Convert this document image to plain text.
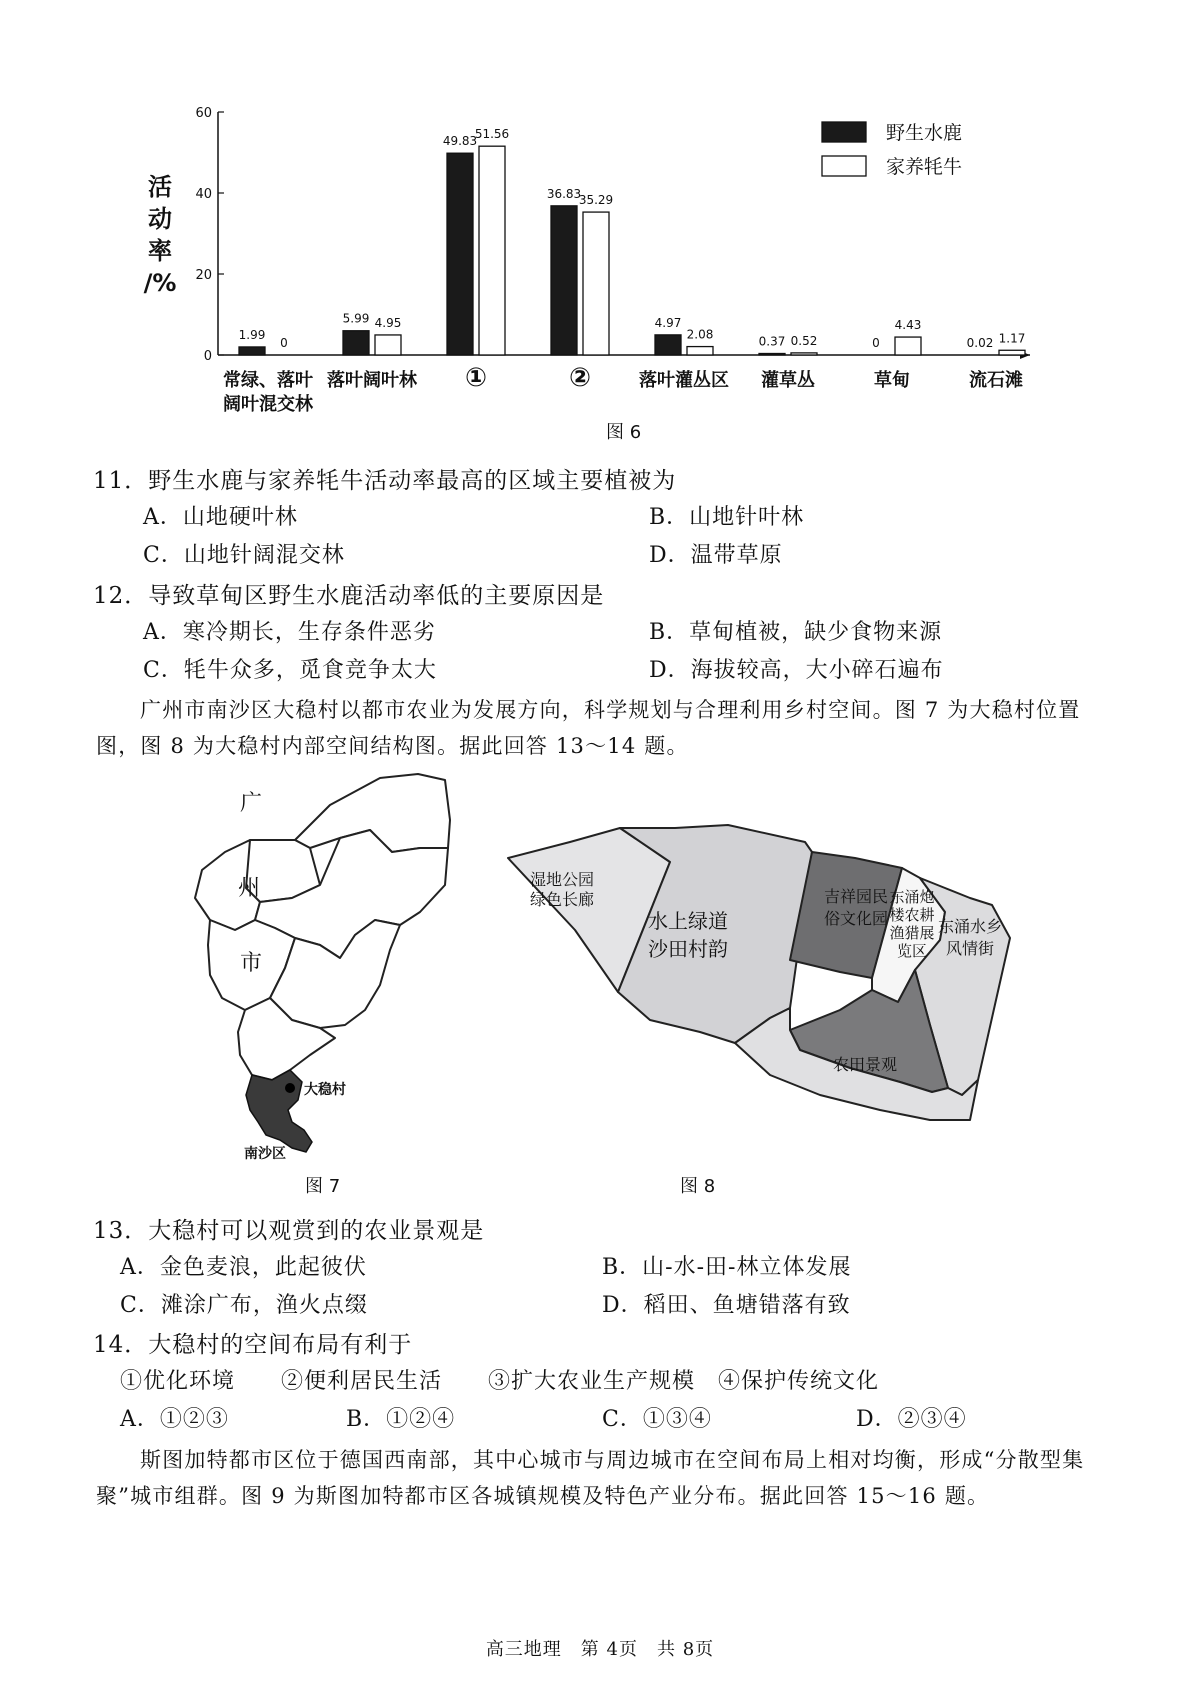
0
20
40
60
活
动
率
/%
1.99
0
常绿、落叶
阔叶混交林
5.99 4.95
落叶阔叶林
49.83
51.56
①
36.83
35.29
②
4.97
2.08
落叶灌丛区
0.37 0.52
灌草丛
0
4.43
草甸
0.02 1.17
流石滩
野生水鹿
家养牦牛
图 6
11．野生水鹿与家养牦牛活动率最高的区域主要植被为
A．山地硬叶林	B．山地针叶林
C．山地针阔混交林	D．温带草原
12．导致草甸区野生水鹿活动率低的主要原因是
A．寒冷期长，生存条件恶劣	B．草甸植被，缺少食物来源
C．牦牛众多，觅食竞争太大	D．海拔较高，大小碎石遍布
广州市南沙区大稳村以都市农业为发展方向，科学规划与合理利用乡村空间。图 7 为大稳村位置图，图 8 为大稳村内部空间结构图。据此回答 13～14 题。
广
州
市
大稳村
南沙区
图 7
湿地公园
绿色长廊
水上绿道
沙田村韵
吉祥园民
俗文化园
东涌炮
楼农耕
渔猎展
览区
东涌水乡
风情街
农田景观
图 8
13．大稳村可以观赏到的农业景观是
A．金色麦浪，此起彼伏	B．山-水-田-林立体发展
C．滩涂广布，渔火点缀	D．稻田、鱼塘错落有致
14．大稳村的空间布局有利于
①优化环境　　②便利居民生活　　③扩大农业生产规模　④保护传统文化
A．①②③	B．①②④	C．①③④	D．②③④
斯图加特都市区位于德国西南部，其中心城市与周边城市在空间布局上相对均衡，形成“分散型集聚”城市组群。图 9 为斯图加特都市区各城镇规模及特色产业分布。据此回答 15～16 题。
高三地理　第 4页　共 8页
